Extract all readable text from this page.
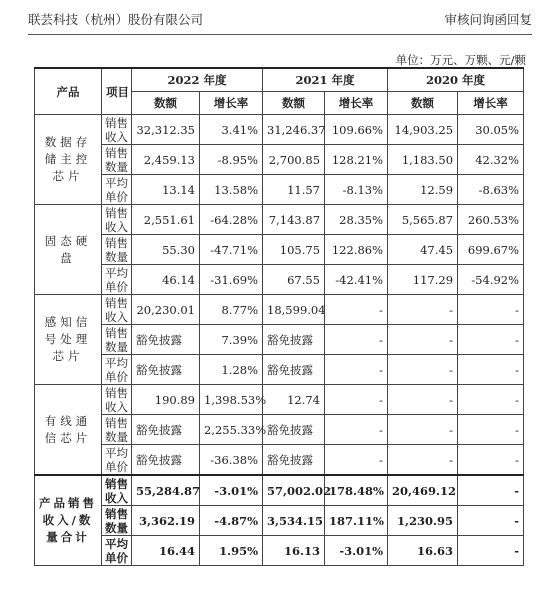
联芸科技（杭州）股份有限公司	审核问询函回复
单位：万元、万颗、元/颗
产品	项目	2022 年度		2021 年度		2020 年度	
		数额	增长率	数额	增长率	数额	增长率
数据存储主控芯片	销售收入	32,312.35	3.41%	31,246.37	109.66%	14,903.25	30.05%
	销售数量	2,459.13	-8.95%	2,700.85	128.21%	1,183.50	42.32%
	平均单价	13.14	13.58%	11.57	-8.13%	12.59	-8.63%
固态硬盘	销售收入	2,551.61	-64.28%	7,143.87	28.35%	5,565.87	260.53%
	销售数量	55.30	-47.71%	105.75	122.86%	47.45	699.67%
	平均单价	46.14	-31.69%	67.55	-42.41%	117.29	-54.92%
感知信号处理芯片	销售收入	20,230.01	8.77%	18,599.04	-	-	-
	销售数量	豁免披露	7.39%	豁免披露	-	-	-
	平均单价	豁免披露	1.28%	豁免披露	-	-	-
有线通信芯片	销售收入	190.89	1,398.53%	12.74	-	-	-
	销售数量	豁免披露	2,255.33%	豁免披露	-	-	-
	平均单价	豁免披露	-36.38%	豁免披露	-	-	-
产品销售收入/数量合计	销售收入	55,284.87	-3.01%	57,002.02	178.48%	20,469.12	-
	销售数量	3,362.19	-4.87%	3,534.15	187.11%	1,230.95	-
	平均单价	16.44	1.95%	16.13	-3.01%	16.63	-
